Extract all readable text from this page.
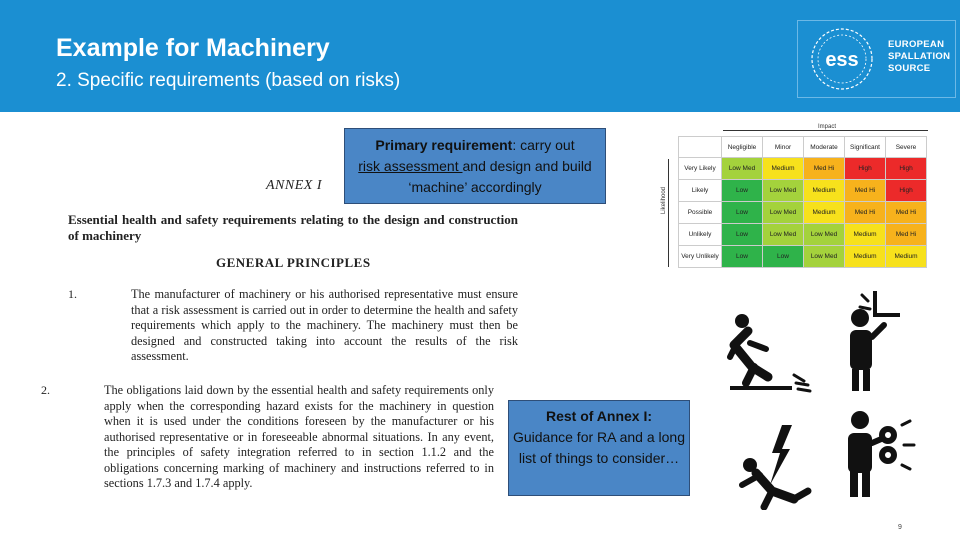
Example for Machinery
2. Specific requirements (based on risks)
ess
EUROPEAN
SPALLATION
SOURCE
ANNEX I
Essential health and safety requirements relating to the design and construction of machinery
GENERAL PRINCIPLES
1.	The manufacturer of machinery or his authorised representative must ensure that a risk assessment is carried out in order to determine the health and safety requirements which apply to the machinery. The machinery must then be designed and constructed taking into account the results of the risk assessment.
2.	The obligations laid down by the essential health and safety requirements only apply when the corresponding hazard exists for the machinery in question when it is used under the conditions foreseen by the manufacturer or his authorised representative or in foreseeable abnormal situations. In any event, the principles of safety integration referred to in section 1.1.2 and the obligations concerning marking of machinery and instructions referred to in sections 1.7.3 and 1.7.4 apply.
Primary requirement: carry out
risk assessment and design and build ‘machine’ accordingly
Rest of Annex I:
Guidance for RA and a long list of things to consider…
Impact
Likelihood
	Negligible	Minor	Moderate	Significant	Severe
Very Likely	Low Med	Medium	Med Hi	High	High
Likely	Low	Low Med	Medium	Med Hi	High
Possible	Low	Low Med	Medium	Med Hi	Med Hi
Unlikely	Low	Low Med	Low Med	Medium	Med Hi
Very Unlikely	Low	Low	Low Med	Medium	Medium
9
